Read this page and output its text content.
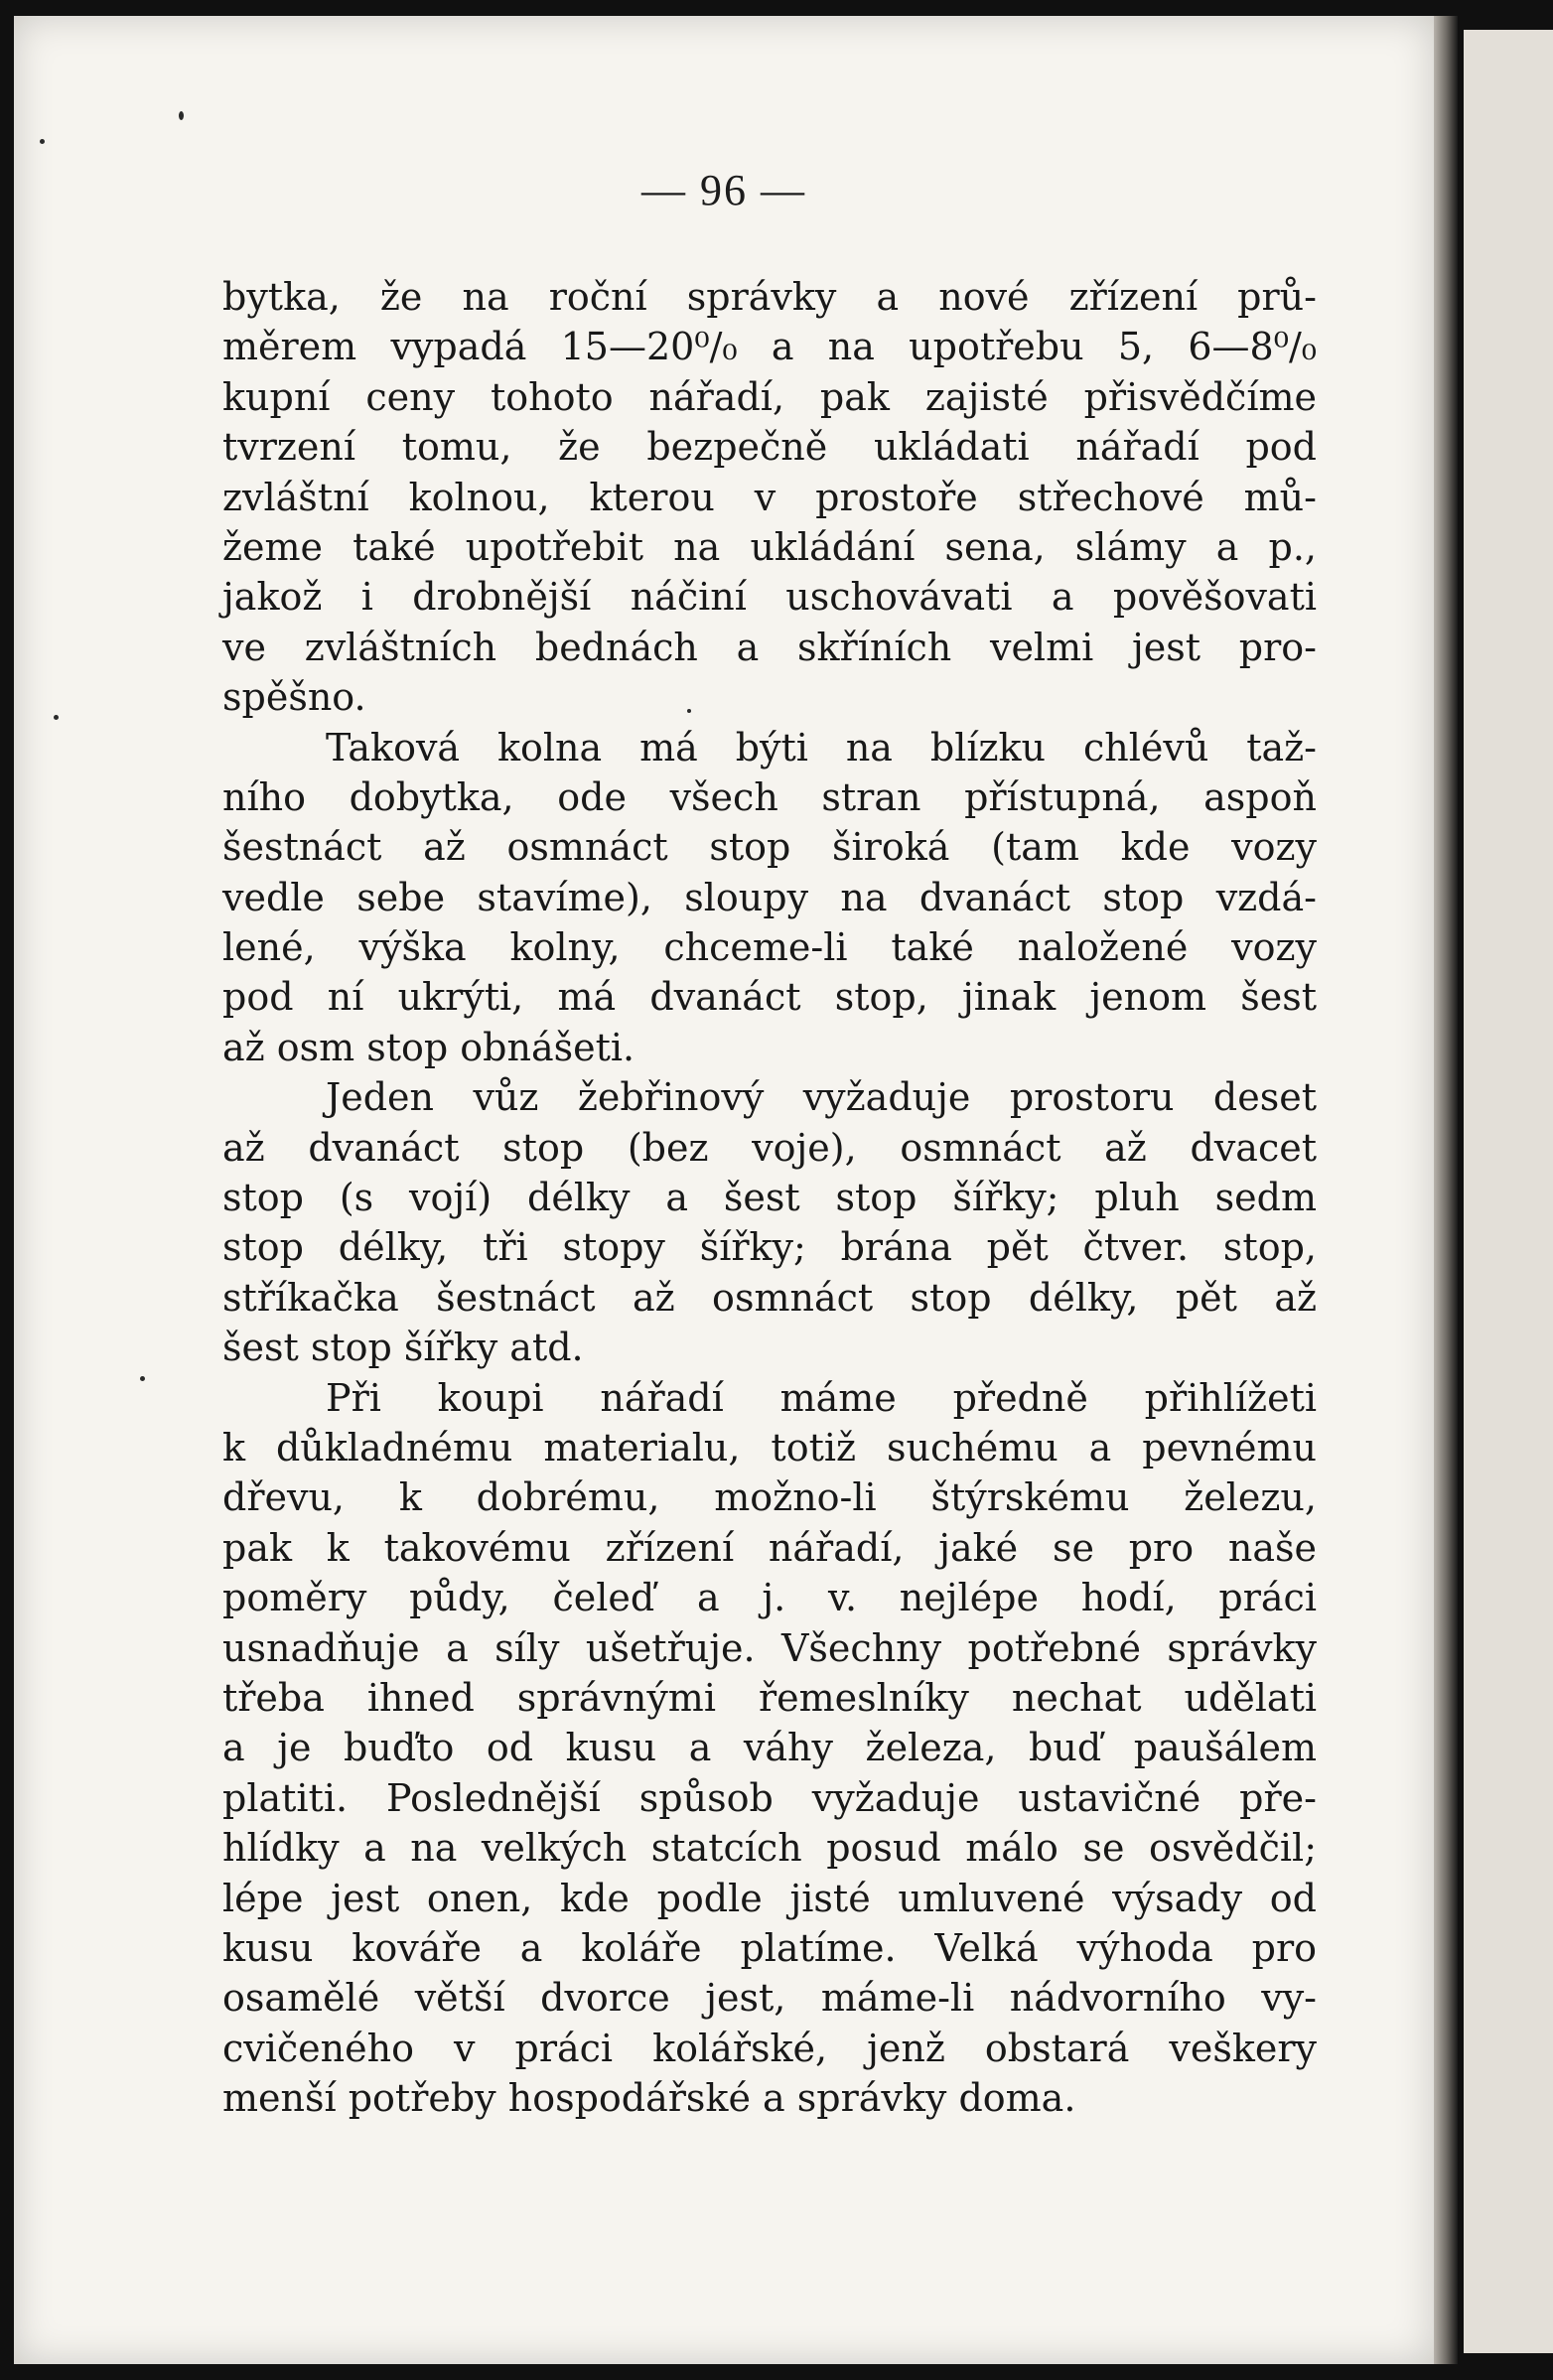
— 96 —
bytka, že na roční správky a nové zřízení prů-
měrem vypadá 15—20⁰/₀ a na upotřebu 5, 6—8⁰/₀
kupní ceny tohoto nářadí, pak zajisté přisvědčíme
tvrzení tomu, že bezpečně ukládati nářadí pod
zvláštní kolnou, kterou v prostoře střechové mů-
žeme také upotřebit na ukládání sena, slámy a p.,
jakož i drobnější náčiní uschovávati a pověšovati
ve zvláštních bednách a skříních velmi jest pro-
spěšno.
Taková kolna má býti na blízku chlévů taž-
ního dobytka, ode všech stran přístupná, aspoň
šestnáct až osmnáct stop široká (tam kde vozy
vedle sebe stavíme), sloupy na dvanáct stop vzdá-
lené, výška kolny, chceme-li také naložené vozy
pod ní ukrýti, má dvanáct stop, jinak jenom šest
až osm stop obnášeti.
Jeden vůz žebřinový vyžaduje prostoru deset
až dvanáct stop (bez voje), osmnáct až dvacet
stop (s vojí) délky a šest stop šířky; pluh sedm
stop délky, tři stopy šířky; brána pět čtver. stop,
stříkačka šestnáct až osmnáct stop délky, pět až
šest stop šířky atd.
Při koupi nářadí máme předně přihlížeti
k důkladnému materialu, totiž suchému a pevnému
dřevu, k dobrému, možno-li štýrskému železu,
pak k takovému zřízení nářadí, jaké se pro naše
poměry půdy, čeleď a j. v. nejlépe hodí, práci
usnadňuje a síly ušetřuje. Všechny potřebné správky
třeba ihned správnými řemeslníky nechat udělati
a je buďto od kusu a váhy železa, buď paušálem
platiti. Poslednější spůsob vyžaduje ustavičné pře-
hlídky a na velkých statcích posud málo se osvědčil;
lépe jest onen, kde podle jisté umluvené výsady od
kusu kováře a koláře platíme. Velká výhoda pro
osamělé větší dvorce jest, máme-li nádvorního vy-
cvičeného v práci kolářské, jenž obstará veškery
menší potřeby hospodářské a správky doma.
